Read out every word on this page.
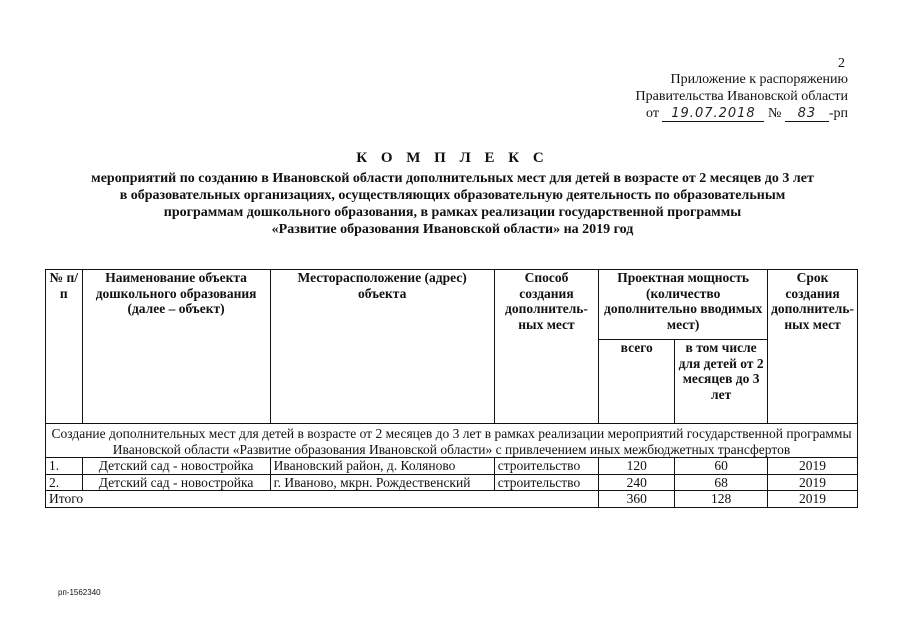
2
Приложение к распоряжению
Правительства Ивановской области
от 19.07.2018 № 83 -рп
К О М П Л Е К С
мероприятий по созданию в Ивановской области дополнительных мест для детей в возрасте от 2 месяцев до 3 лет
в образовательных организациях, осуществляющих образовательную деятельность по образовательным
программам дошкольного образования, в рамках реализации государственной программы
«Развитие образования Ивановской области» на 2019 год
№ п/п	Наименование объекта дошкольного образования (далее – объект)	Месторасположение (адрес) объекта	Способ создания дополнитель-ных мест	Проектная мощность (количество дополнительно вводимых мест)		Срок создания дополнитель-ных мест
				всего	в том числе для детей от 2 месяцев до 3 лет	
Создание дополнительных мест для детей в возрасте от 2 месяцев до 3 лет в рамках реализации мероприятий государственной программы Ивановской области «Развитие образования Ивановской области» с привлечением иных межбюджетных трансфертов						
1.	Детский сад - новостройка	Ивановский район, д. Коляново	строительство	120	60	2019
2.	Детский сад - новостройка	г. Иваново, мкрн. Рождественский	строительство	240	68	2019
Итого				360	128	2019
рп-1562340
